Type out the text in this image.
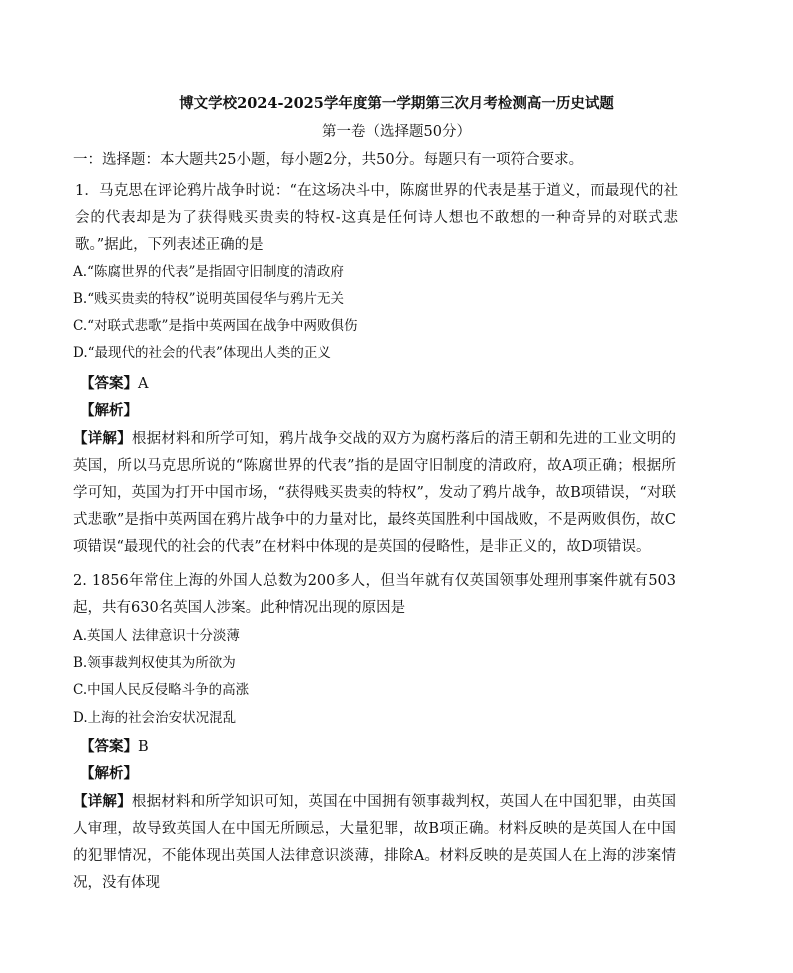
博文学校2024-2025学年度第一学期第三次月考检测高一历史试题
第一卷（选择题50分）
一：选择题：本大题共25小题，每小题2分，共50分。每题只有一项符合要求。
1．马克思在评论鸦片战争时说：“在这场决斗中，陈腐世界的代表是基于道义，而最现代的社会的代表却是为了获得贱买贵卖的特权-这真是任何诗人想也不敢想的一种奇异的对联式悲歌。”据此，下列表述正确的是
A.“陈腐世界的代表”是指固守旧制度的清政府
B.“贱买贵卖的特权”说明英国侵华与鸦片无关
C.“对联式悲歌”是指中英两国在战争中两败俱伤
D.“最现代的社会的代表”体现出人类的正义
【答案】A
【解析】
【详解】根据材料和所学可知，鸦片战争交战的双方为腐朽落后的清王朝和先进的工业文明的英国，所以马克思所说的“陈腐世界的代表”指的是固守旧制度的清政府，故A项正确；根据所学可知，英国为打开中国市场，“获得贱买贵卖的特权”，发动了鸦片战争，故B项错误，“对联式悲歌”是指中英两国在鸦片战争中的力量对比，最终英国胜利中国战败，不是两败俱伤，故C项错误“最现代的社会的代表”在材料中体现的是英国的侵略性，是非正义的，故D项错误。
2. 1856年常住上海的外国人总数为200多人，但当年就有仅英国领事处理刑事案件就有503起，共有630名英国人涉案。此种情况出现的原因是
A.英国人 法律意识十分淡薄
B.领事裁判权使其为所欲为
C.中国人民反侵略斗争的高涨
D.上海的社会治安状况混乱
【答案】B
【解析】
【详解】根据材料和所学知识可知，英国在中国拥有领事裁判权，英国人在中国犯罪，由英国人审理，故导致英国人在中国无所顾忌，大量犯罪，故B项正确。材料反映的是英国人在中国的犯罪情况，不能体现出英国人法律意识淡薄，排除A。材料反映的是英国人在上海的涉案情况，没有体现
